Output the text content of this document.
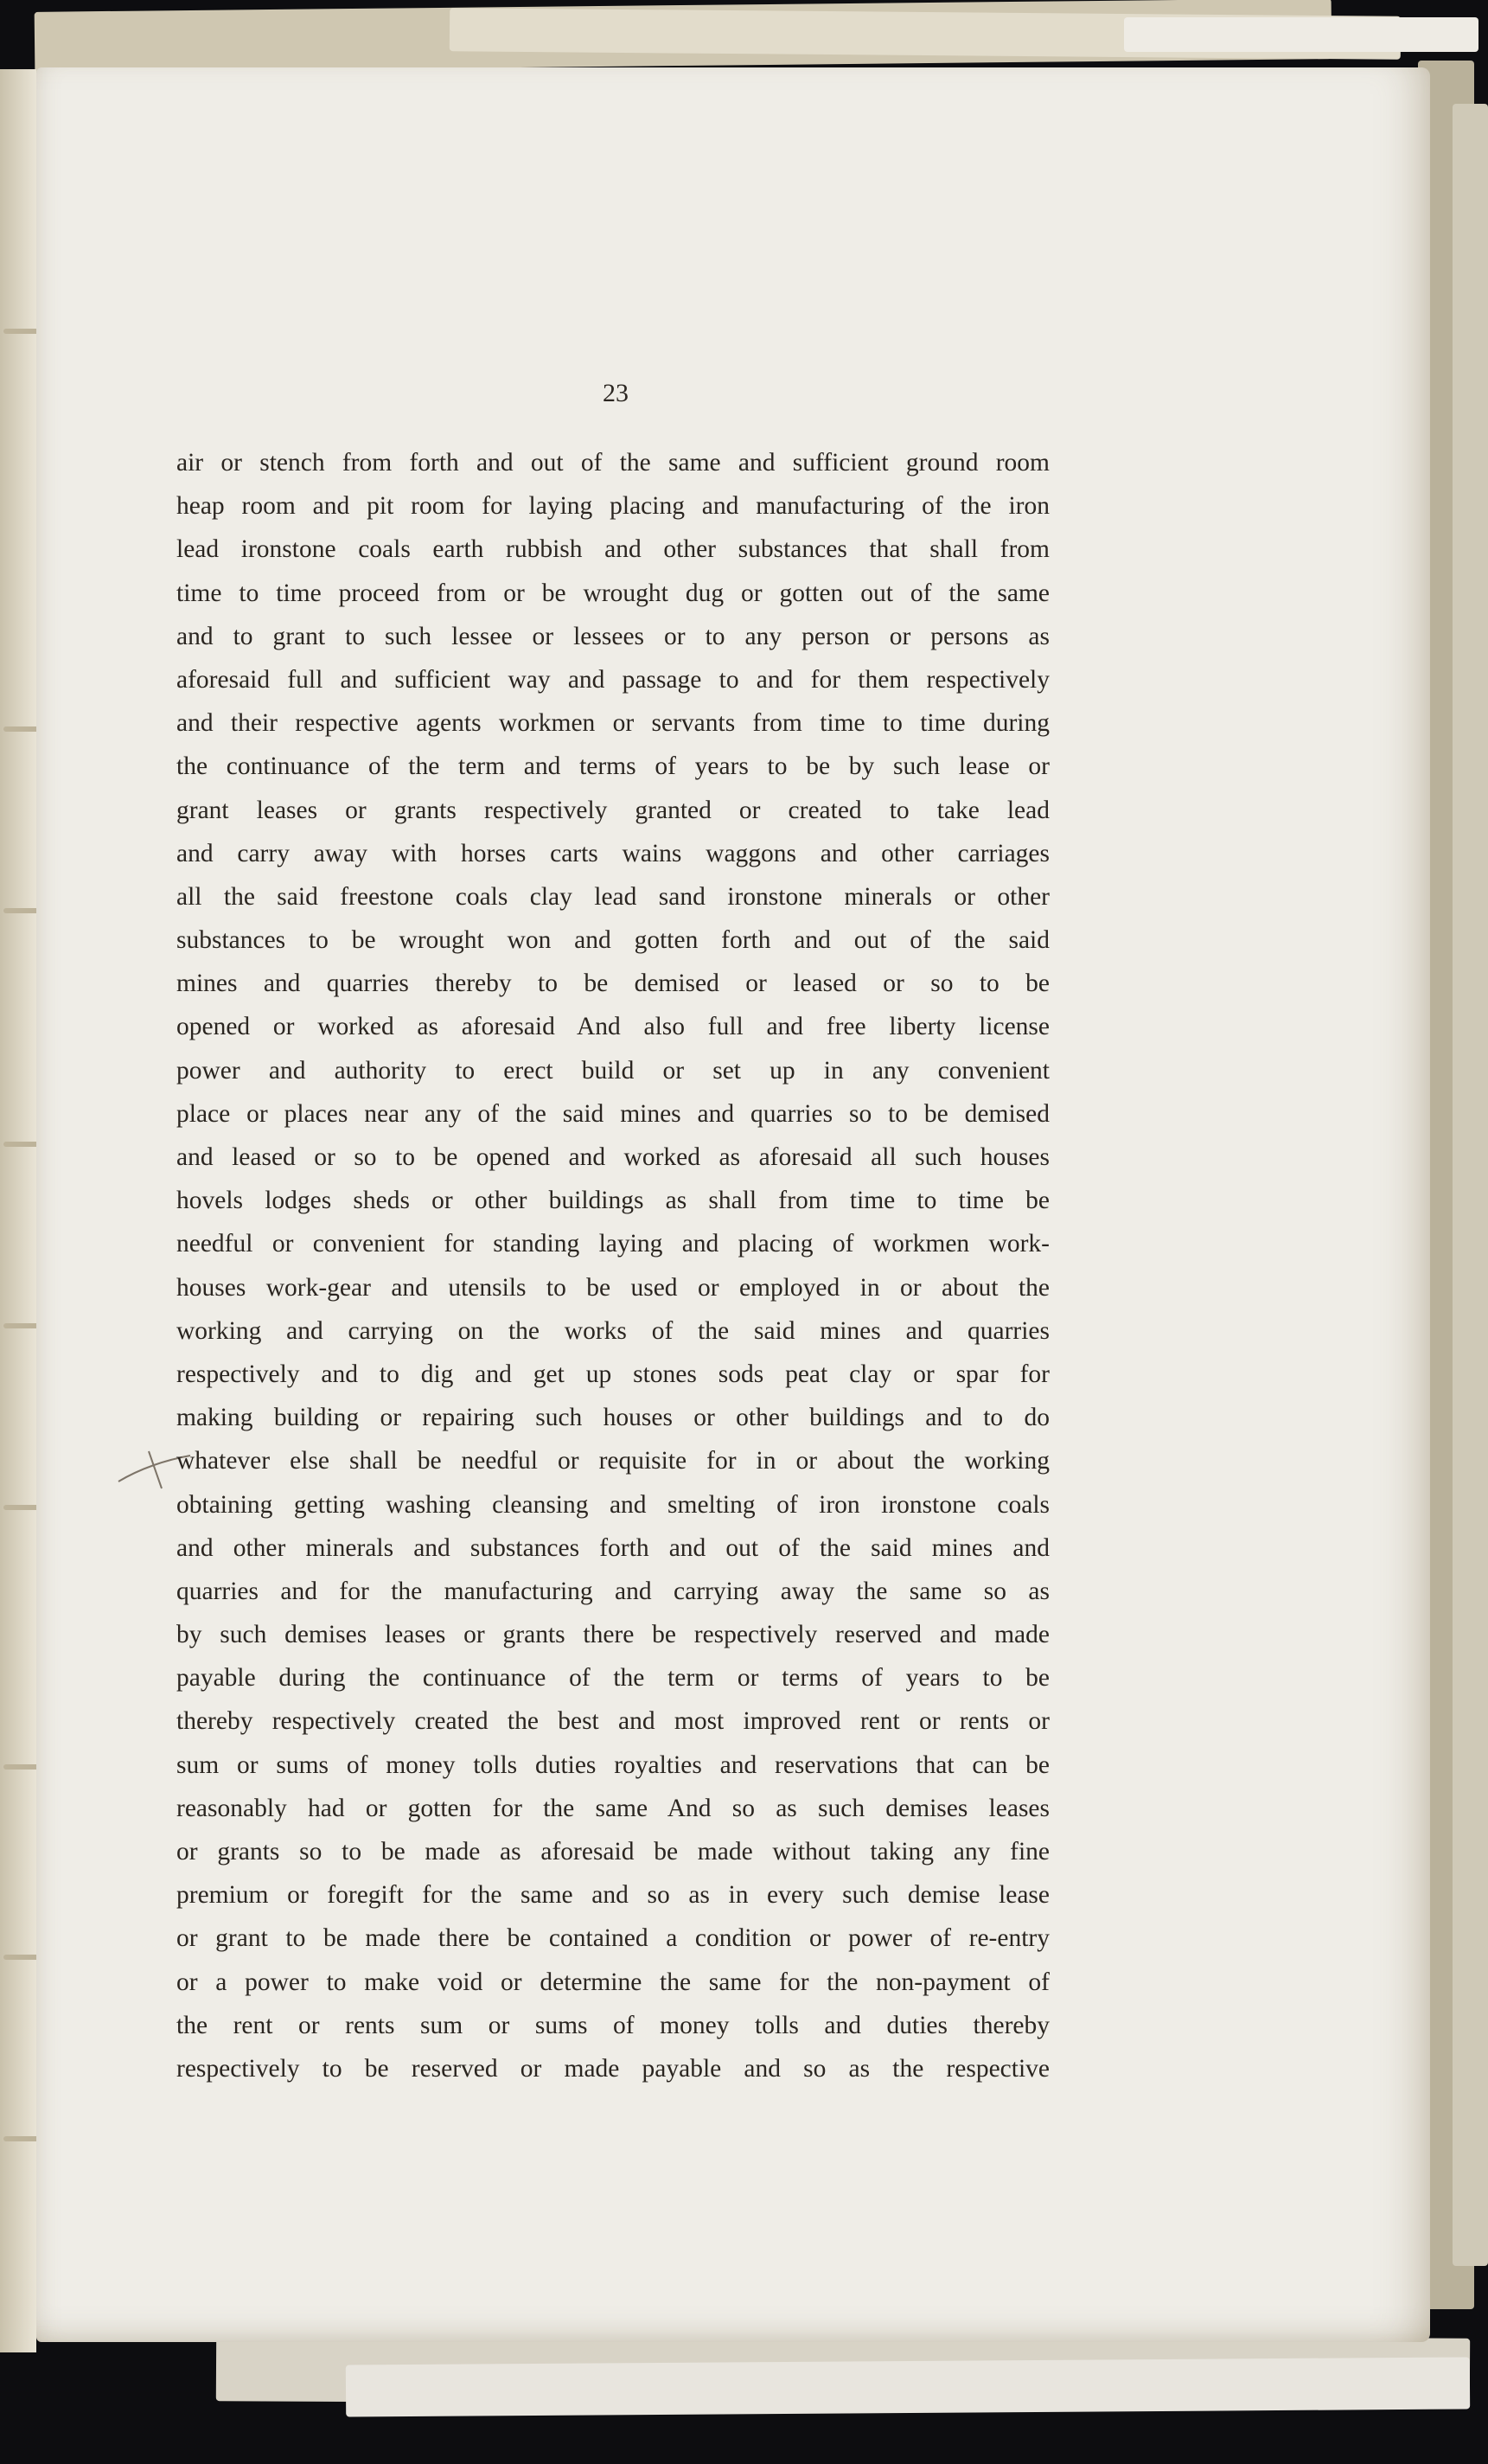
23
air or stench from forth and out of the same and sufficient ground room
heap room and pit room for laying placing and manufacturing of the iron
lead ironstone coals earth rubbish and other substances that shall from
time to time proceed from or be wrought dug or gotten out of the same
and to grant to such lessee or lessees or to any person or persons as
aforesaid full and sufficient way and passage to and for them respectively
and their respective agents workmen or servants from time to time during
the continuance of the term and terms of years to be by such lease or
grant leases or grants respectively granted or created to take lead
and carry away with horses carts wains waggons and other carriages
all the said freestone coals clay lead sand ironstone minerals or other
substances to be wrought won and gotten forth and out of the said
mines and quarries thereby to be demised or leased or so to be
opened or worked as aforesaid And also full and free liberty license
power and authority to erect build or set up in any convenient
place or places near any of the said mines and quarries so to be demised
and leased or so to be opened and worked as aforesaid all such houses
hovels lodges sheds or other buildings as shall from time to time be
needful or convenient for standing laying and placing of workmen work-
houses work-gear and utensils to be used or employed in or about the
working and carrying on the works of the said mines and quarries
respectively and to dig and get up stones sods peat clay or spar for
making building or repairing such houses or other buildings and to do
whatever else shall be needful or requisite for in or about the working
obtaining getting washing cleansing and smelting of iron ironstone coals
and other minerals and substances forth and out of the said mines and
quarries and for the manufacturing and carrying away the same so as
by such demises leases or grants there be respectively reserved and made
payable during the continuance of the term or terms of years to be
thereby respectively created the best and most improved rent or rents or
sum or sums of money tolls duties royalties and reservations that can be
reasonably had or gotten for the same And so as such demises leases
or grants so to be made as aforesaid be made without taking any fine
premium or foregift for the same and so as in every such demise lease
or grant to be made there be contained a condition or power of re-entry
or a power to make void or determine the same for the non-payment of
the rent or rents sum or sums of money tolls and duties thereby
respectively to be reserved or made payable and so as the respective
